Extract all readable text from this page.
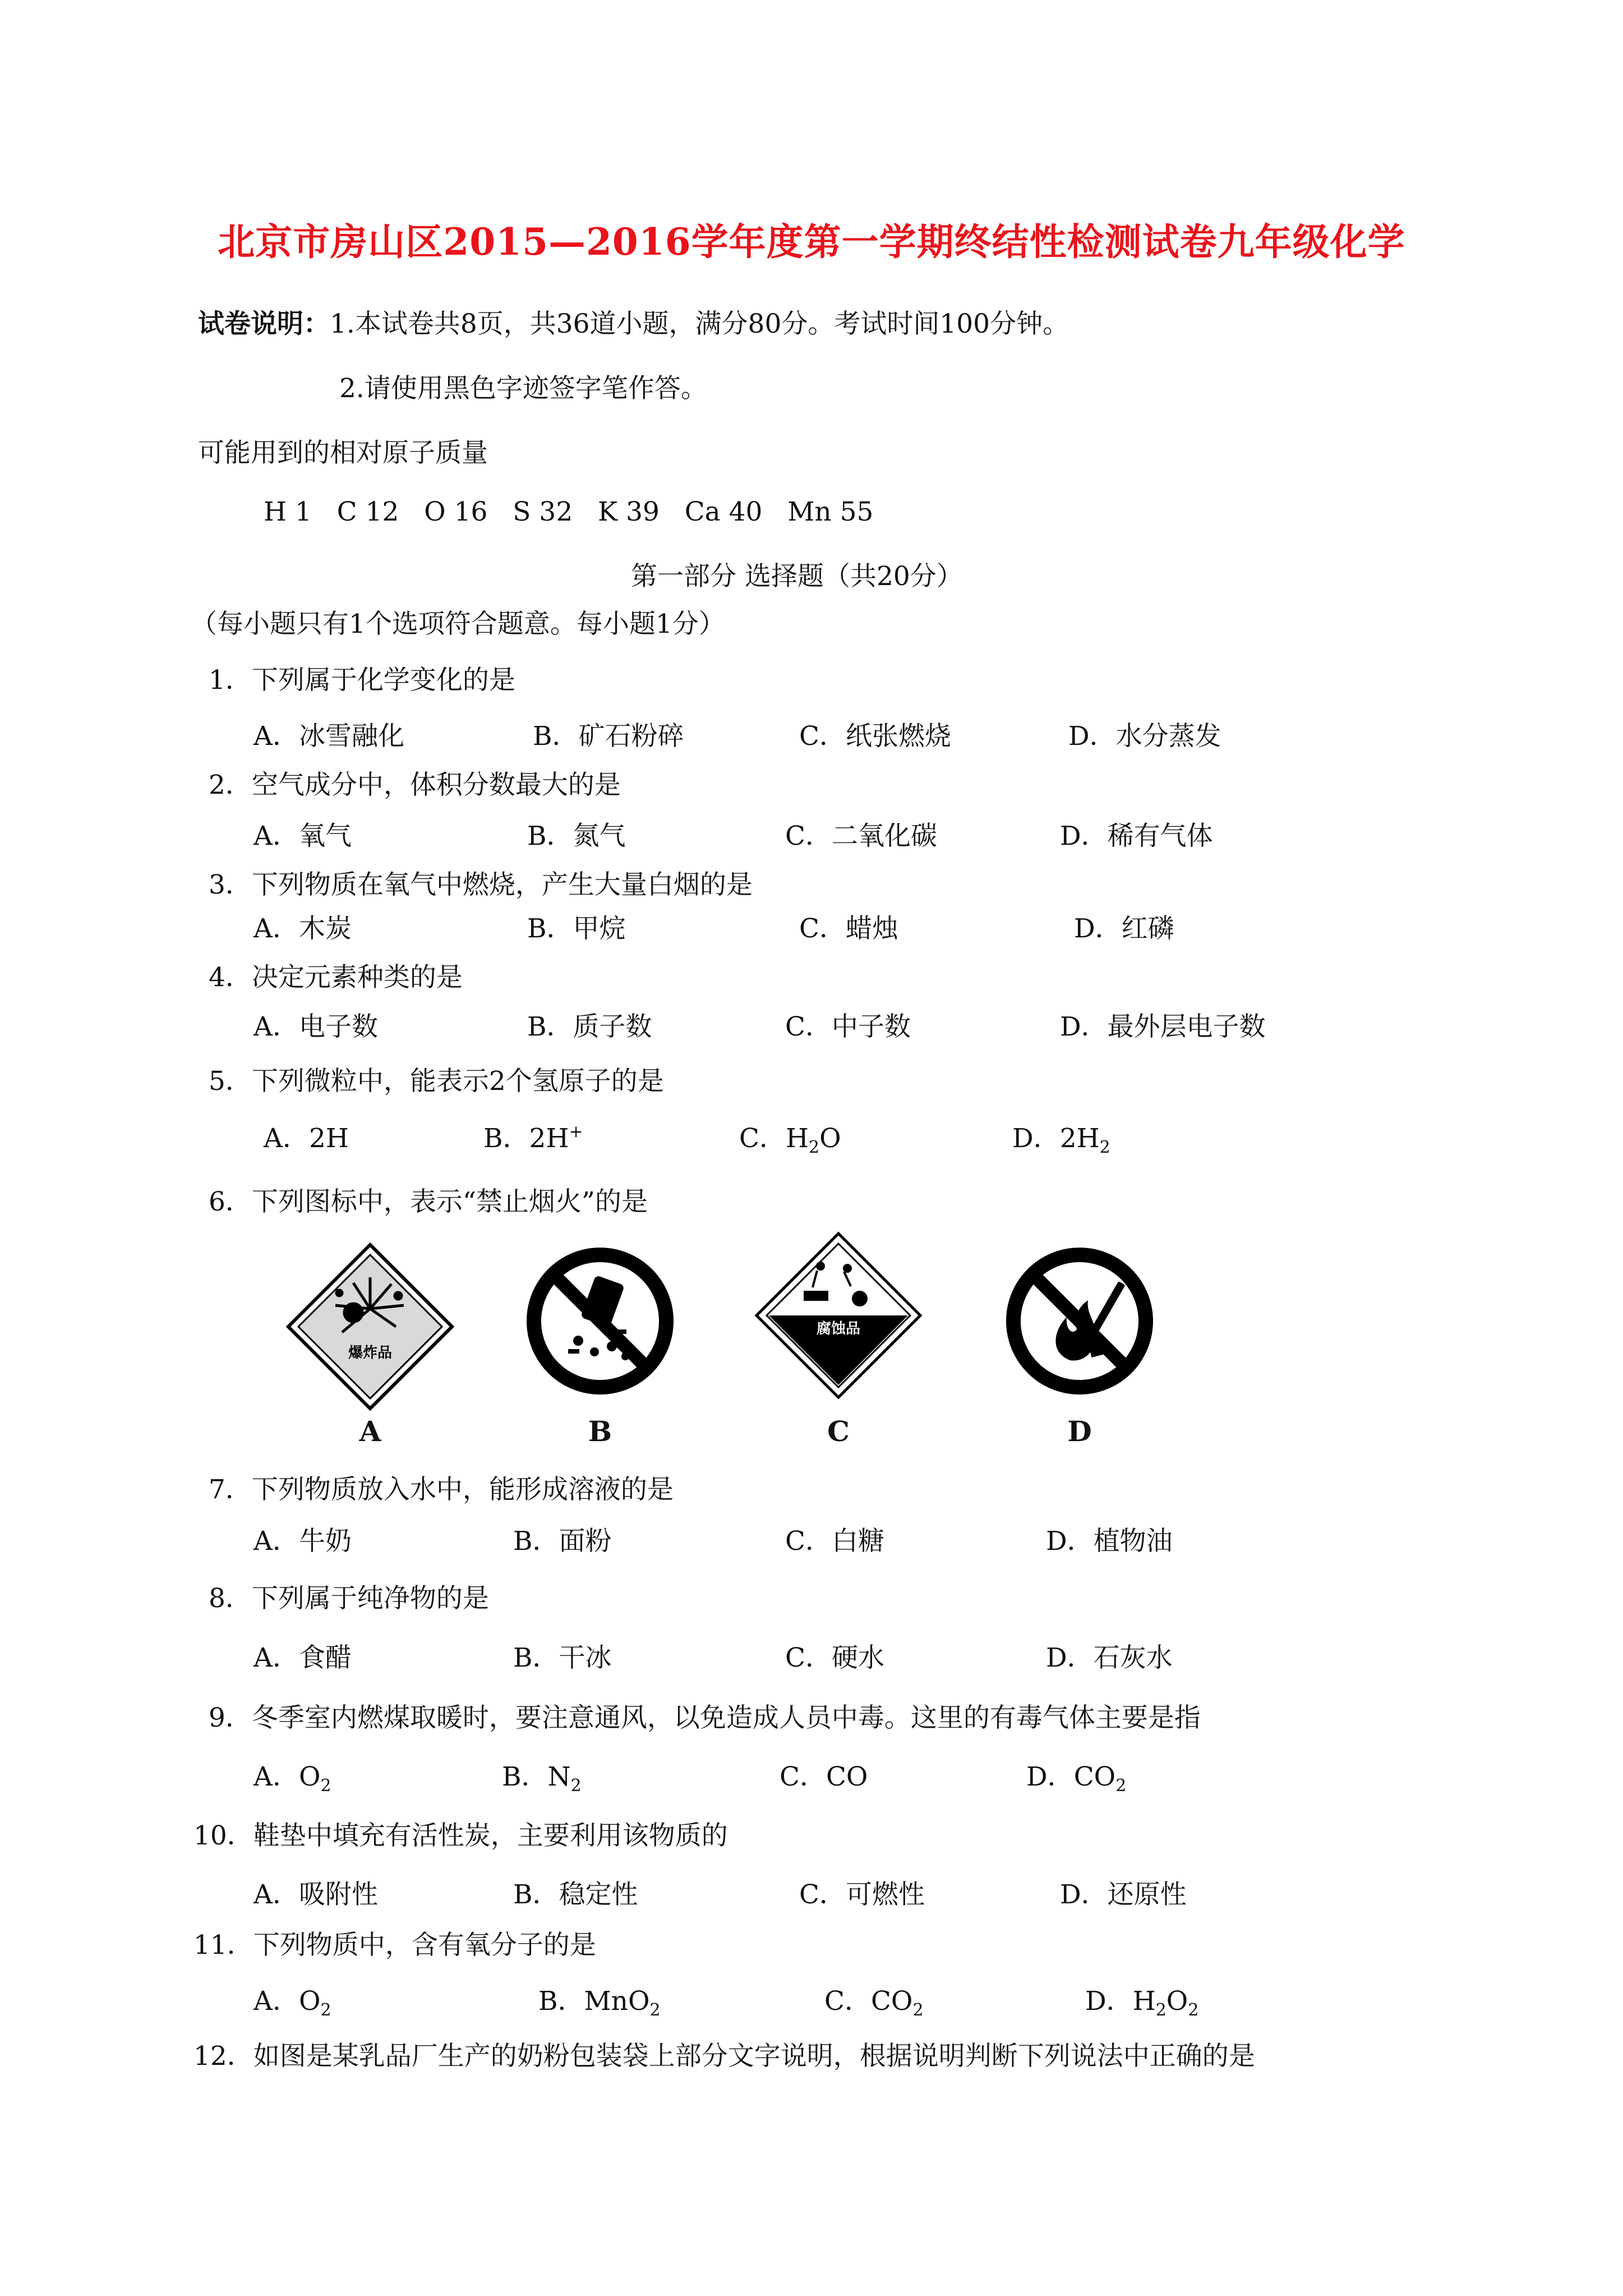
北京市房山区2015—2016学年度第一学期终结性检测试卷九年级化学
试卷说明：1.本试卷共8页，共36道小题，满分80分。考试时间100分钟。
2.请使用黑色字迹签字笔作答。
可能用到的相对原子质量
H 1   C 12   O 16   S 32   K 39   Ca 40   Mn 55
第一部分 选择题（共20分）
（每小题只有1个选项符合题意。每小题1分）
1．下列属于化学变化的是
A．冰雪融化	B．矿石粉碎	C．纸张燃烧	D．水分蒸发
2．空气成分中，体积分数最大的是
A．氧气	B．氮气	C．二氧化碳	D．稀有气体
3．下列物质在氧气中燃烧，产生大量白烟的是
A．木炭	B．甲烷	C．蜡烛	D．红磷
4．决定元素种类的是
A．电子数	B．质子数	C．中子数	D．最外层电子数
5．下列微粒中，能表示2个氢原子的是
A．2H	B．2H+	C．$H_2O$	D．$2H_2$
6．下列图标中，表示“禁止烟火”的是
爆炸品
A	B
腐蚀品
C	D
7．下列物质放入水中，能形成溶液的是
A．牛奶	B．面粉	C．白糖	D．植物油
8．下列属于纯净物的是
A．食醋	B．干冰	C．硬水	D．石灰水
9．冬季室内燃煤取暖时，要注意通风，以免造成人员中毒。这里的有毒气体主要是指
A．$O_2$	B．$N_2$	C．CO	D．$CO_2$
10．鞋垫中填充有活性炭，主要利用该物质的
A．吸附性	B．稳定性	C．可燃性	D．还原性
11．下列物质中，含有氧分子的是
A．$O_2$	B．MnO$_2$	C．$CO_2$	D．$H_2O_2$
12．如图是某乳品厂生产的奶粉包装袋上部分文字说明，根据说明判断下列说法中正确的是
